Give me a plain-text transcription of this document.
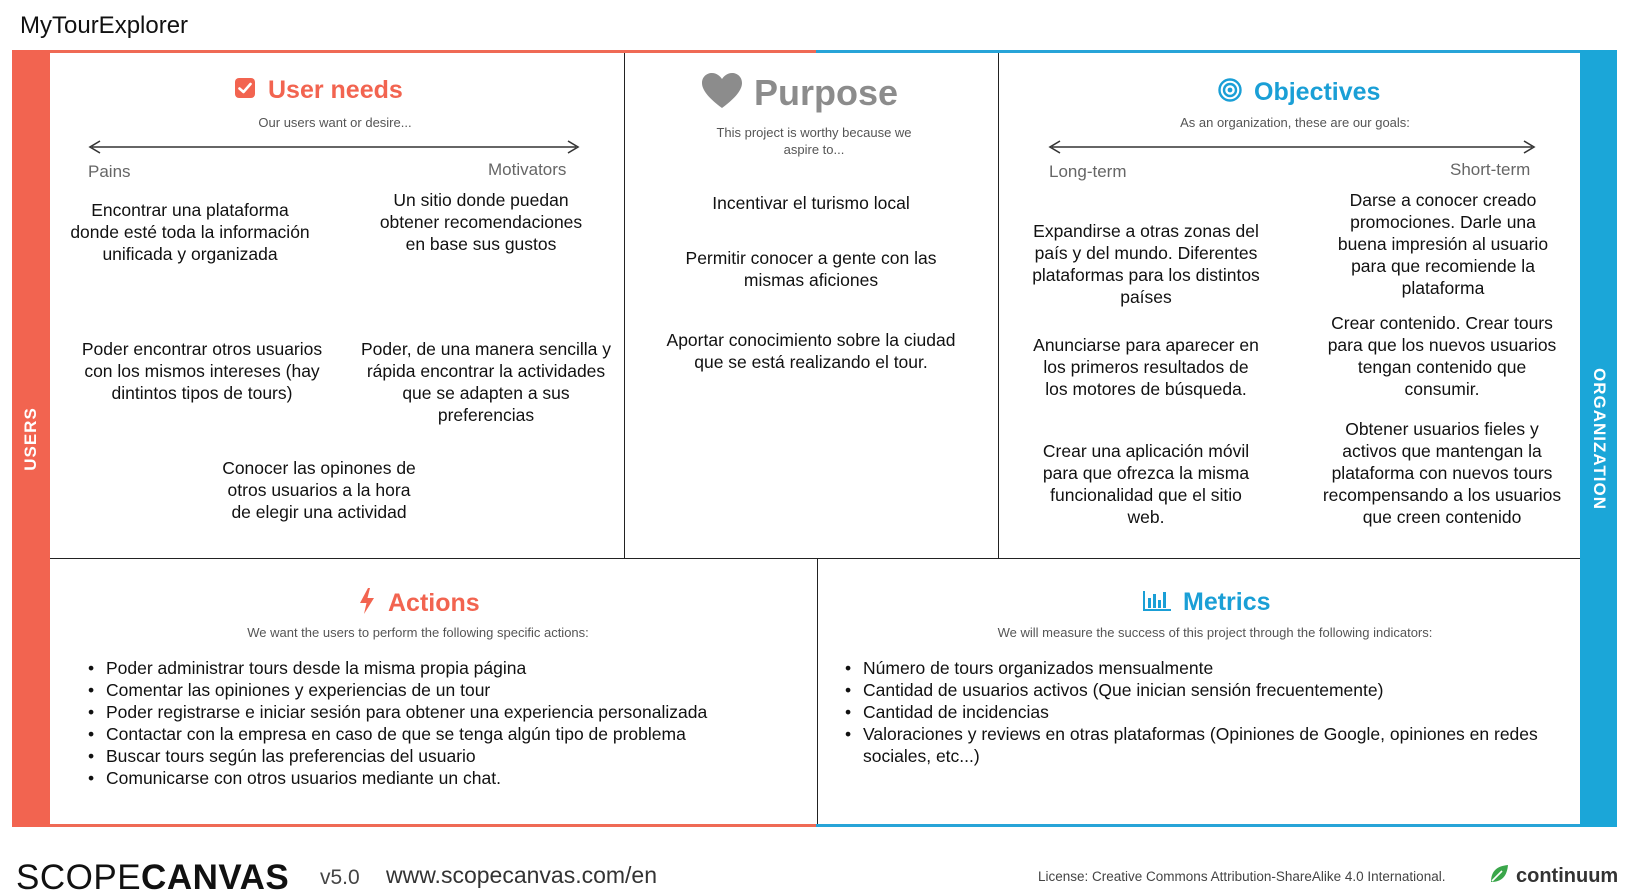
MyTourExplorer
USERS	ORGANIZATION
User needs
Our users want or desire...
Pains	Motivators
Encontrar una plataforma donde esté toda la información unificada y organizada
Un sitio donde puedan obtener recomendaciones en base sus gustos
Poder encontrar otros usuarios con los mismos intereses (hay dintintos tipos de tours)
Poder, de una manera sencilla y rápida encontrar la actividades que se adapten a sus preferencias
Conocer las opinones de otros usuarios a la hora de elegir una actividad
Purpose
This project is worthy because we aspire to...
Incentivar el turismo local
Permitir conocer a gente con las mismas aficiones
Aportar conocimiento sobre la ciudad que se está realizando el tour.
Objectives
As an organization, these are our goals:
Long-term	Short-term
Expandirse a otras zonas del país y del mundo. Diferentes plataformas para los distintos países
Anunciarse para aparecer en los primeros resultados de los motores de búsqueda.
Crear una aplicación móvil para que ofrezca la misma funcionalidad que el sitio web.
Darse a conocer creado promociones. Darle una buena impresión al usuario para que recomiende la plataforma
Crear contenido. Crear tours para que los nuevos usuarios tengan contenido que consumir.
Obtener usuarios fieles y activos que mantengan la plataforma con nuevos tours recompensando a los usuarios que creen contenido
Actions
We want the users to perform the following specific actions:
• Poder administrar tours desde la misma propia página
• Comentar las opiniones y experiencias de un tour
• Poder registrarse e iniciar sesión para obtener una experiencia personalizada
• Contactar con la empresa en caso de que se tenga algún tipo de problema
• Buscar tours según las preferencias del usuario
• Comunicarse con otros usuarios mediante un chat.
Metrics
We will measure the success of this project through the following indicators:
• Número de tours organizados mensualmente
• Cantidad de usuarios activos (Que inician sensión frecuentemente)
• Cantidad de incidencias
• Valoraciones y reviews en otras plataformas (Opiniones de Google, opiniones en redes sociales, etc...)
SCOPECANVAS v5.0 www.scopecanvas.com/en	License: Creative Commons Attribution-ShareAlike 4.0 International.	continuum
